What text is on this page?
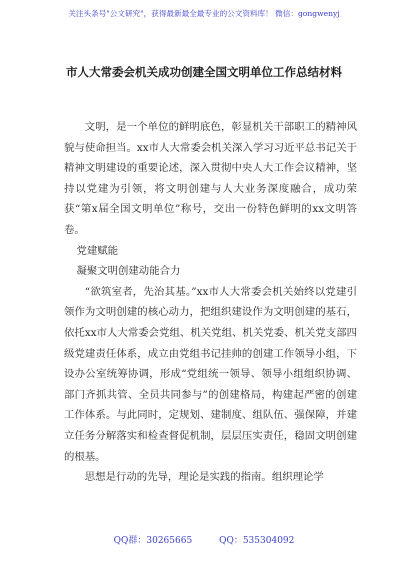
关注头条号"公文研究"，获得最新最全最专业的公文资料库！ 微信：gongwenyj
市人大常委会机关成功创建全国文明单位工作总结材料

文明，是一个单位的鲜明底色，彰显机关干部职工的精神风貌与使命担当。xx市人大常委会机关深入学习习近平总书记关于精神文明建设的重要论述，深入贯彻中央人大工作会议精神，坚持以党建为引领，将文明创建与人大业务深度融合，成功荣获“第x届全国文明单位”称号，交出一份特色鲜明的xx文明答卷。

党建赋能

凝聚文明创建动能合力

“欲筑室者，先治其基。”xx市人大常委会机关始终以党建引领作为文明创建的核心动力，把组织建设作为文明创建的基石，依托xx市人大常委会党组、机关党组、机关党委、机关党支部四级党建责任体系，成立由党组书记挂帅的创建工作领导小组，下设办公室统筹协调，形成“党组统一领导、领导小组组织协调、部门齐抓共管、全员共同参与”的创建格局，构建起严密的创建工作体系。与此同时，定规划、建制度、组队伍、强保障，并建立任务分解落实和检查督促机制，层层压实责任，稳固文明创建的根基。

思想是行动的先导，理论是实践的指南。组织理论学

QQ群：30265665	QQ：535304092
